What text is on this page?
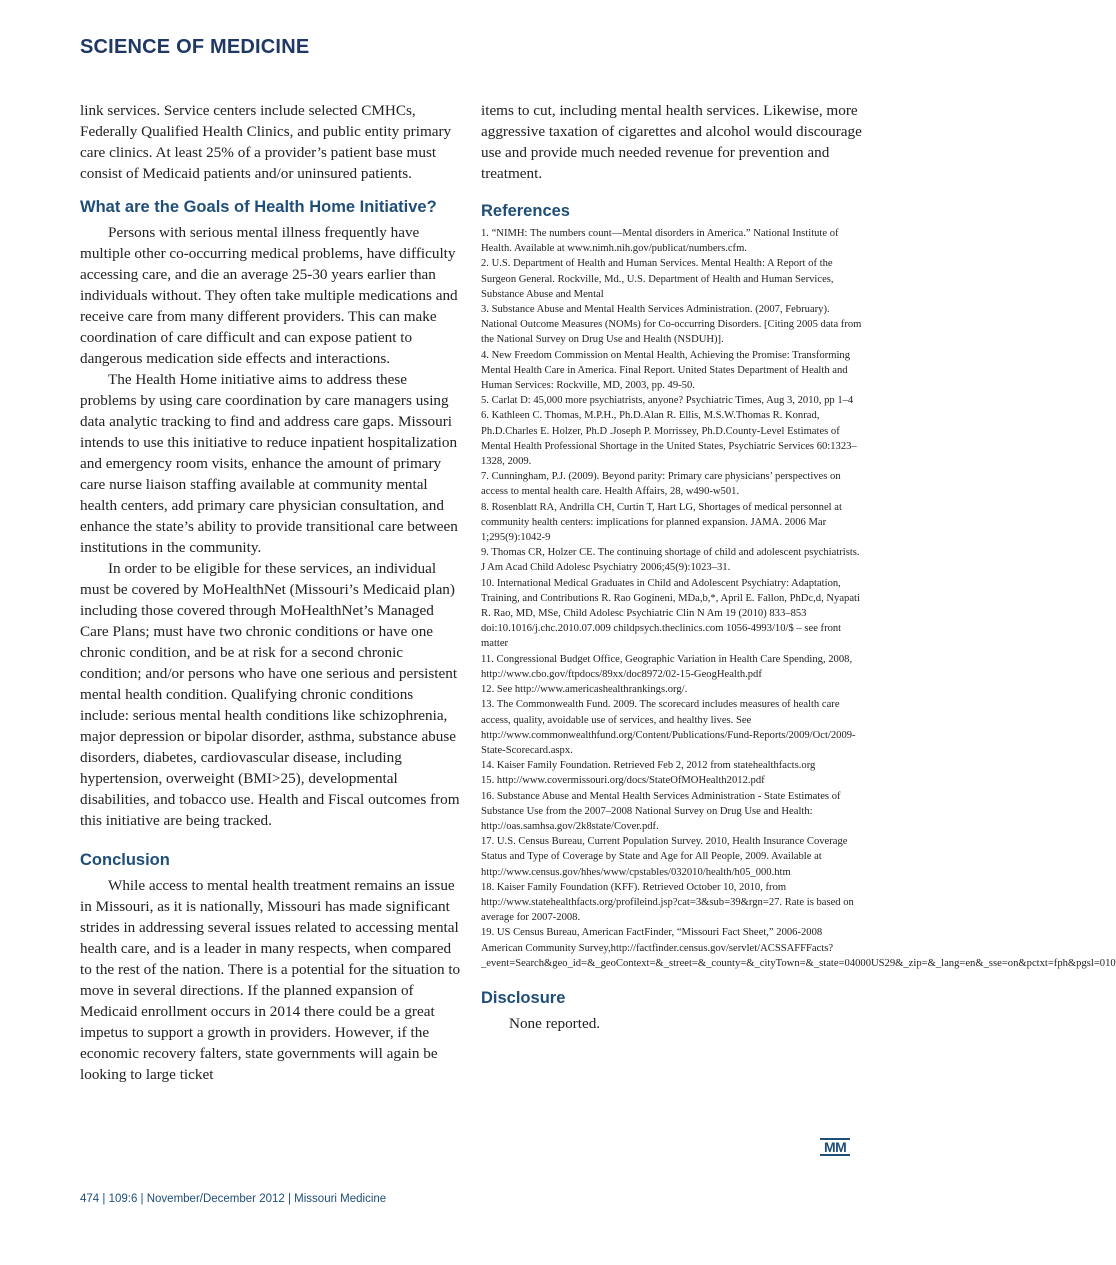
SCIENCE OF MEDICINE

link services. Service centers include selected CMHCs, Federally Qualified Health Clinics, and public entity primary care clinics. At least 25% of a provider’s patient base must consist of Medicaid patients and/or uninsured patients.

What are the Goals of Health Home Initiative?

Persons with serious mental illness frequently have multiple other co-occurring medical problems, have difficulty accessing care, and die an average 25-30 years earlier than individuals without. They often take multiple medications and receive care from many different providers. This can make coordination of care difficult and can expose patient to dangerous medication side effects and interactions.

The Health Home initiative aims to address these problems by using care coordination by care managers using data analytic tracking to find and address care gaps. Missouri intends to use this initiative to reduce inpatient hospitalization and emergency room visits, enhance the amount of primary care nurse liaison staffing available at community mental health centers, add primary care physician consultation, and enhance the state’s ability to provide transitional care between institutions in the community.

In order to be eligible for these services, an individual must be covered by MoHealthNet (Missouri’s Medicaid plan) including those covered through MoHealthNet’s Managed Care Plans; must have two chronic conditions or have one chronic condition, and be at risk for a second chronic condition; and/or persons who have one serious and persistent mental health condition. Qualifying chronic conditions include: serious mental health conditions like schizophrenia, major depression or bipolar disorder, asthma, substance abuse disorders, diabetes, cardiovascular disease, including hypertension, overweight (BMI>25), developmental disabilities, and tobacco use. Health and Fiscal outcomes from this initiative are being tracked.

Conclusion

While access to mental health treatment remains an issue in Missouri, as it is nationally, Missouri has made significant strides in addressing several issues related to accessing mental health care, and is a leader in many respects, when compared to the rest of the nation. There is a potential for the situation to move in several directions. If the planned expansion of Medicaid enrollment occurs in 2014 there could be a great impetus to support a growth in providers. However, if the economic recovery falters, state governments will again be looking to large ticket

items to cut, including mental health services. Likewise, more aggressive taxation of cigarettes and alcohol would discourage use and provide much needed revenue for prevention and treatment.

References

1. “NIMH: The numbers count—Mental disorders in America.” National Institute of Health. Available at www.nimh.nih.gov/publicat/numbers.cfm.

2. U.S. Department of Health and Human Services. Mental Health: A Report of the Surgeon General. Rockville, Md., U.S. Department of Health and Human Services, Substance Abuse and Mental

3. Substance Abuse and Mental Health Services Administration. (2007, February). National Outcome Measures (NOMs) for Co-occurring Disorders. [Citing 2005 data from the National Survey on Drug Use and Health (NSDUH)].

4. New Freedom Commission on Mental Health, Achieving the Promise: Transforming Mental Health Care in America. Final Report. United States Department of Health and Human Services: Rockville, MD, 2003, pp. 49-50.

5. Carlat D: 45,000 more psychiatrists, anyone? Psychiatric Times, Aug 3, 2010, pp 1–4

6. Kathleen C. Thomas, M.P.H., Ph.D.Alan R. Ellis, M.S.W.Thomas R. Konrad, Ph.D.Charles E. Holzer, Ph.D .Joseph P. Morrissey, Ph.D.County-Level Estimates of Mental Health Professional Shortage in the United States, Psychiatric Services 60:1323–1328, 2009.

7. Cunningham, P.J. (2009). Beyond parity: Primary care physicians’ perspectives on access to mental health care. Health Affairs, 28, w490-w501.

8. Rosenblatt RA, Andrilla CH, Curtin T, Hart LG, Shortages of medical personnel at community health centers: implications for planned expansion. JAMA. 2006 Mar 1;295(9):1042-9

9. Thomas CR, Holzer CE. The continuing shortage of child and adolescent psychiatrists. J Am Acad Child Adolesc Psychiatry 2006;45(9):1023–31.

10. International Medical Graduates in Child and Adolescent Psychiatry: Adaptation, Training, and Contributions R. Rao Gogineni, MDa,b,*, April E. Fallon, PhDc,d, Nyapati R. Rao, MD, MSe, Child Adolesc Psychiatric Clin N Am 19 (2010) 833–853 doi:10.1016/j.chc.2010.07.009 childpsych.theclinics.com 1056-4993/10/$ – see front matter

11. Congressional Budget Office, Geographic Variation in Health Care Spending, 2008, http://www.cbo.gov/ftpdocs/89xx/doc8972/02-15-GeogHealth.pdf

12. See http://www.americashealthrankings.org/.

13. The Commonwealth Fund. 2009. The scorecard includes measures of health care access, quality, avoidable use of services, and healthy lives. See http://www.commonwealthfund.org/Content/Publications/Fund-Reports/2009/Oct/2009-State-Scorecard.aspx.

14. Kaiser Family Foundation. Retrieved Feb 2, 2012 from statehealthfacts.org

15. http://www.covermissouri.org/docs/StateOfMOHealth2012.pdf

16. Substance Abuse and Mental Health Services Administration - State Estimates of Substance Use from the 2007–2008 National Survey on Drug Use and Health: http://oas.samhsa.gov/2k8state/Cover.pdf.

17. U.S. Census Bureau, Current Population Survey. 2010, Health Insurance Coverage Status and Type of Coverage by State and Age for All People, 2009. Available at http://www.census.gov/hhes/www/cpstables/032010/health/h05_000.htm

18. Kaiser Family Foundation (KFF). Retrieved October 10, 2010, from http://www.statehealthfacts.org/profileind.jsp?cat=3&sub=39&rgn=27. Rate is based on average for 2007-2008.

19. US Census Bureau, American FactFinder, “Missouri Fact Sheet,” 2006-2008 American Community Survey,http://factfinder.census.gov/servlet/ACSSAFFFacts?_event=Search&geo_id=&_geoContext=&_street=&_county=&_cityTown=&_state=04000US29&_zip=&_lang=en&_sse=on&pctxt=fph&pgsl=010

Disclosure

None reported.

MM
474 | 109:6 | November/December 2012 | Missouri Medicine
